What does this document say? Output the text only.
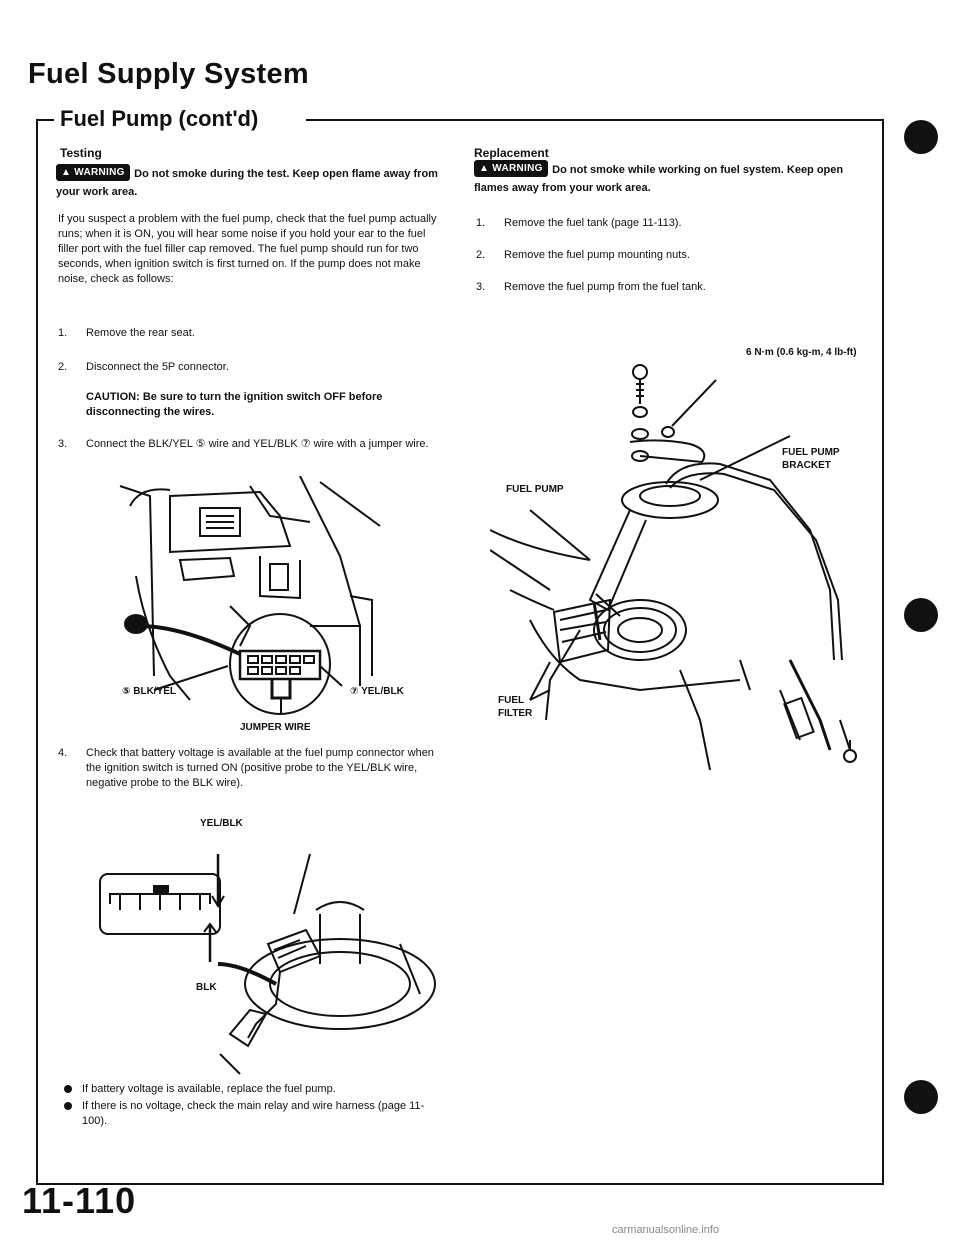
Fuel Supply System
Fuel Pump (cont'd)
Testing
▲ WARNING Do not smoke during the test. Keep open flame away from your work area.
If you suspect a problem with the fuel pump, check that the fuel pump actually runs; when it is ON, you will hear some noise if you hold your ear to the fuel filler port with the fuel filler cap removed. The fuel pump should run for two seconds, when ignition switch is first turned on. If the pump does not make noise, check as follows:
1. Remove the rear seat.
2. Disconnect the 5P connector.
CAUTION: Be sure to turn the ignition switch OFF before disconnecting the wires.
3. Connect the BLK/YEL ⑤ wire and YEL/BLK ⑦ wire with a jumper wire.
⑤ BLK/YEL	⑦ YEL/BLK
JUMPER WIRE
4. Check that battery voltage is available at the fuel pump connector when the ignition switch is turned ON (positive probe to the YEL/BLK wire, negative probe to the BLK wire).
YEL/BLK
BLK
If battery voltage is available, replace the fuel pump.
If there is no voltage, check the main relay and wire harness (page 11-100).
Replacement
▲ WARNING Do not smoke while working on fuel system. Keep open flames away from your work area.
1. Remove the fuel tank (page 11-113).
2. Remove the fuel pump mounting nuts.
3. Remove the fuel pump from the fuel tank.
6 N·m (0.6 kg-m, 4 lb-ft)
FUEL PUMP BRACKET
FUEL PUMP
FUEL FILTER
11-110
carmanualsonline.info
